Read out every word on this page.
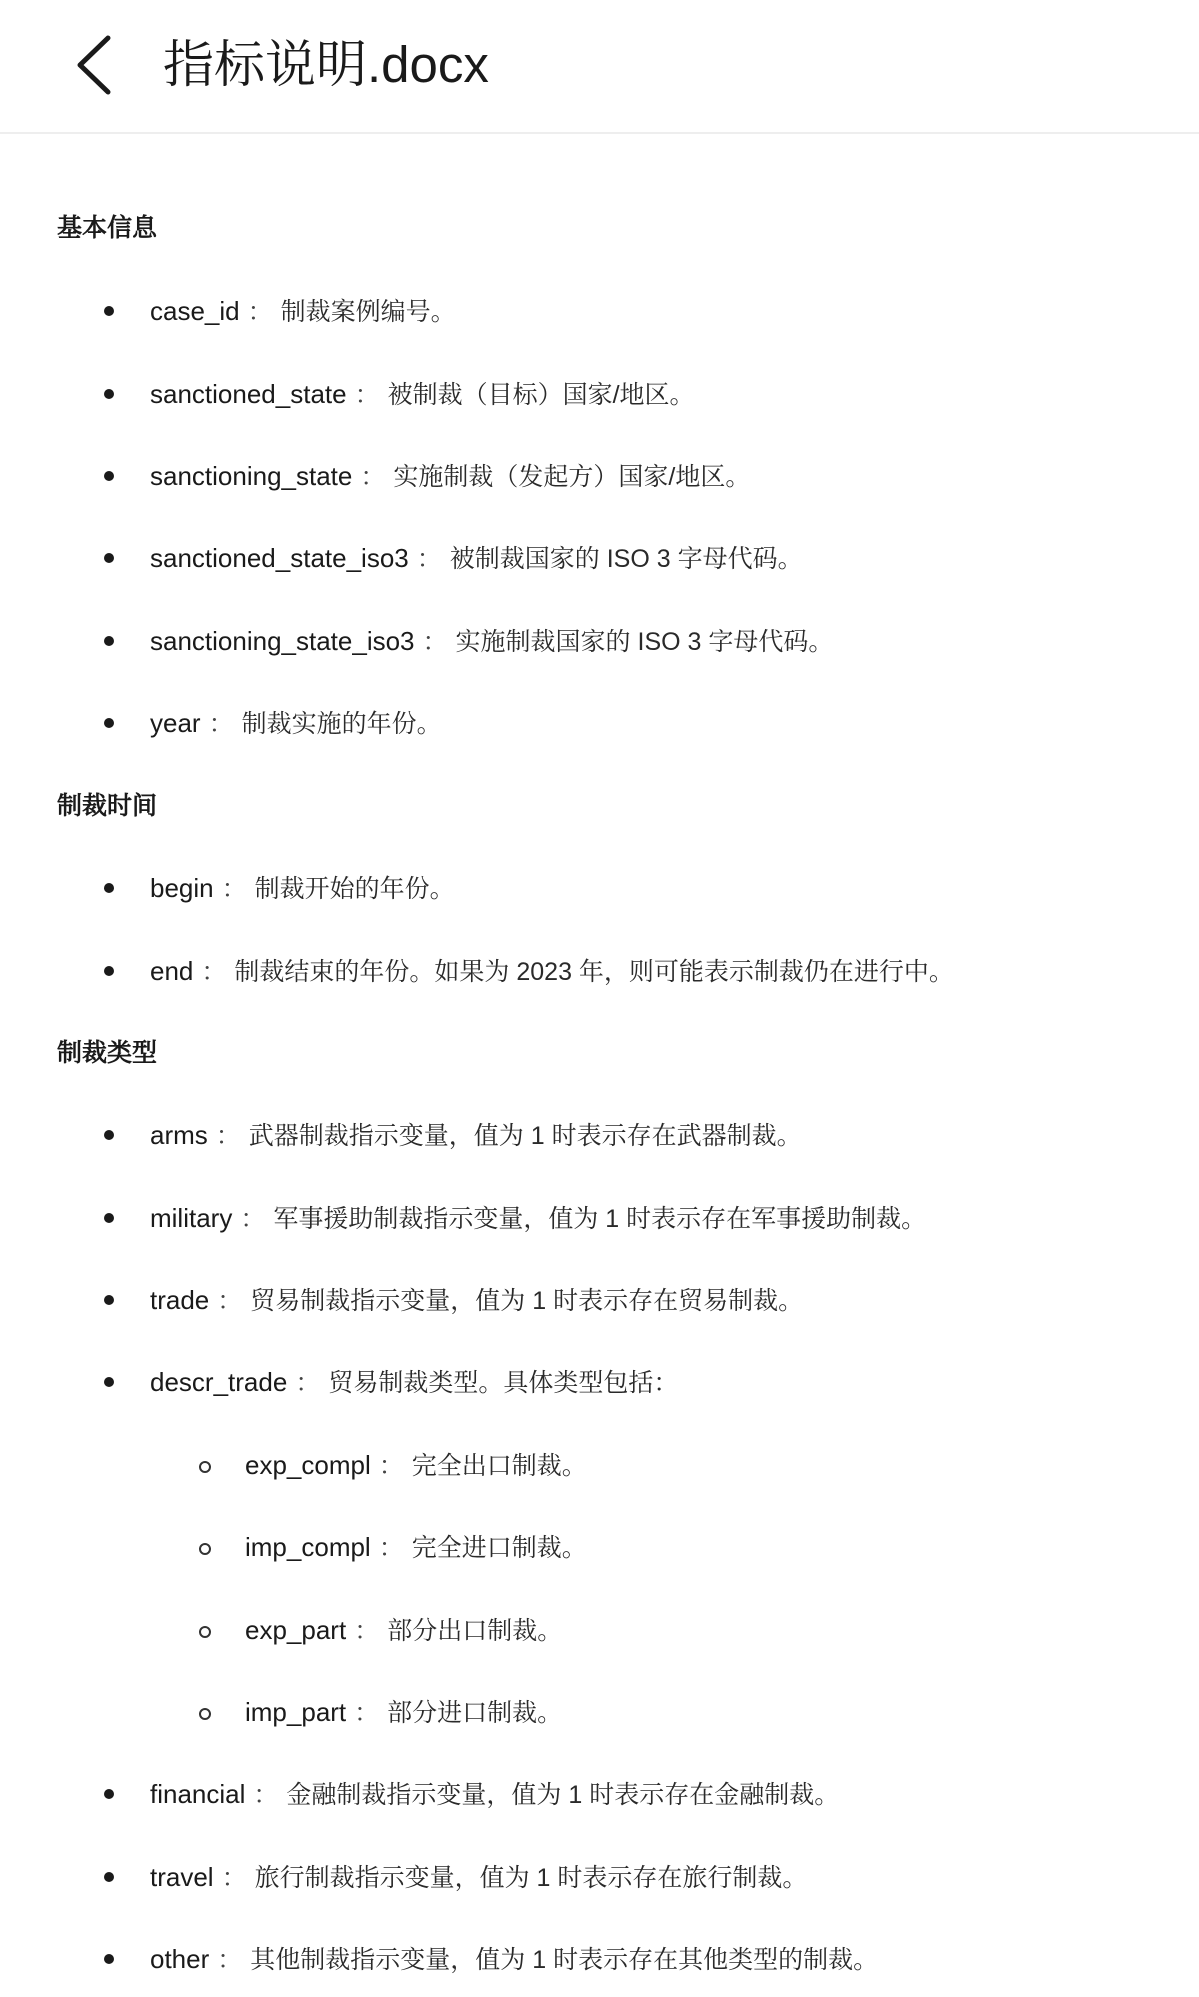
指标说明.docx
基本信息
case_id ： 制裁案例编号。
sanctioned_state ： 被制裁（目标）国家/地区。
sanctioning_state ： 实施制裁（发起方）国家/地区。
sanctioned_state_iso3 ： 被制裁国家的 ISO 3 字母代码。
sanctioning_state_iso3 ： 实施制裁国家的 ISO 3 字母代码。
year ： 制裁实施的年份。
制裁时间
begin ： 制裁开始的年份。
end ： 制裁结束的年份。如果为 2023 年，则可能表示制裁仍在进行中。
制裁类型
arms ： 武器制裁指示变量，值为 1 时表示存在武器制裁。
military ： 军事援助制裁指示变量，值为 1 时表示存在军事援助制裁。
trade ： 贸易制裁指示变量，值为 1 时表示存在贸易制裁。
descr_trade ： 贸易制裁类型。具体类型包括：
exp_compl ： 完全出口制裁。
imp_compl ： 完全进口制裁。
exp_part ： 部分出口制裁。
imp_part ： 部分进口制裁。
financial ： 金融制裁指示变量，值为 1 时表示存在金融制裁。
travel ： 旅行制裁指示变量，值为 1 时表示存在旅行制裁。
other ： 其他制裁指示变量，值为 1 时表示存在其他类型的制裁。
